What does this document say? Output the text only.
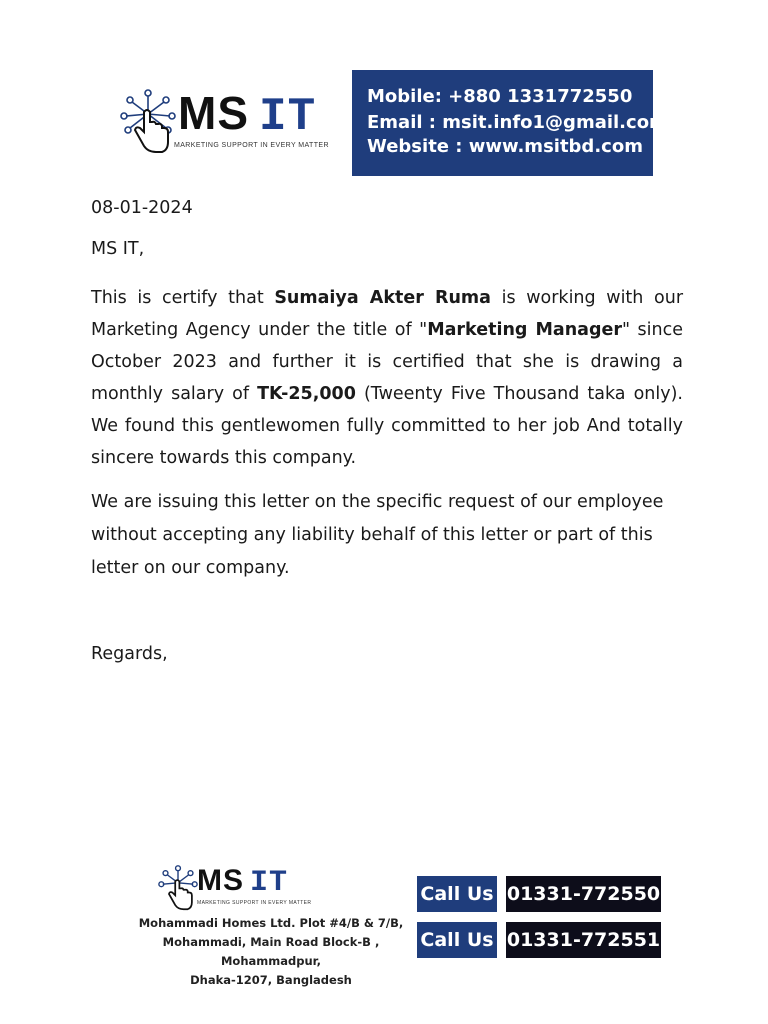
MS IT
MARKETING SUPPORT IN EVERY MATTER
Mobile: +880 1331772550
Email : msit.info1@gmail.com
Website : www.msitbd.com
08-01-2024
MS IT,
This is certify that Sumaiya Akter Ruma is working with our Marketing Agency under the title of "Marketing Manager" since October 2023 and further it is certified that she is drawing a monthly salary of TK-25,000 (Tweenty Five Thousand taka only). We found this gentlewomen fully committed to her job And totally sincere towards this company.
We are issuing this letter on the specific request of our employee without accepting any liability behalf of this letter or part of this letter on our company.
Regards,
MS IT
MARKETING SUPPORT IN EVERY MATTER
Mohammadi Homes Ltd. Plot #4/B & 7/B,
Mohammadi, Main Road Block-B , Mohammadpur,
Dhaka-1207, Bangladesh
Call Us 01331-772550
Call Us 01331-772551
